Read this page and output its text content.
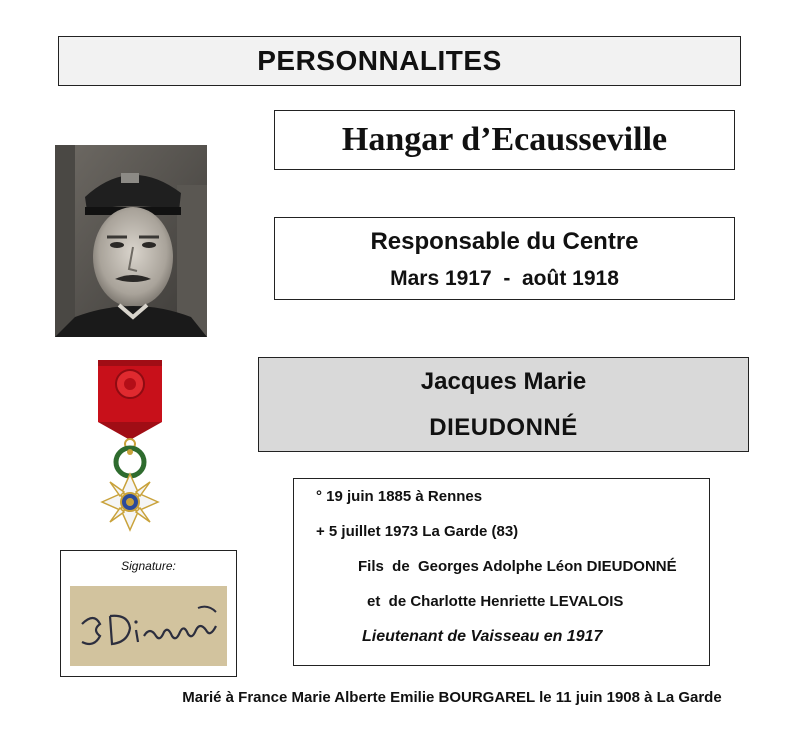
PERSONNALITES
Hangar d’Ecausseville
Responsable du Centre
Mars 1917  -  août 1918
Jacques Marie
DIEUDONNÉ
° 19 juin 1885 à Rennes
+ 5 juillet 1973 La Garde (83)
Fils  de  Georges Adolphe Léon DIEUDONNÉ
et  de Charlotte Henriette LEVALOIS
Lieutenant de Vaisseau en 1917
Signature:
Marié à France Marie Alberte Emilie BOURGAREL le 11 juin 1908 à La Garde
